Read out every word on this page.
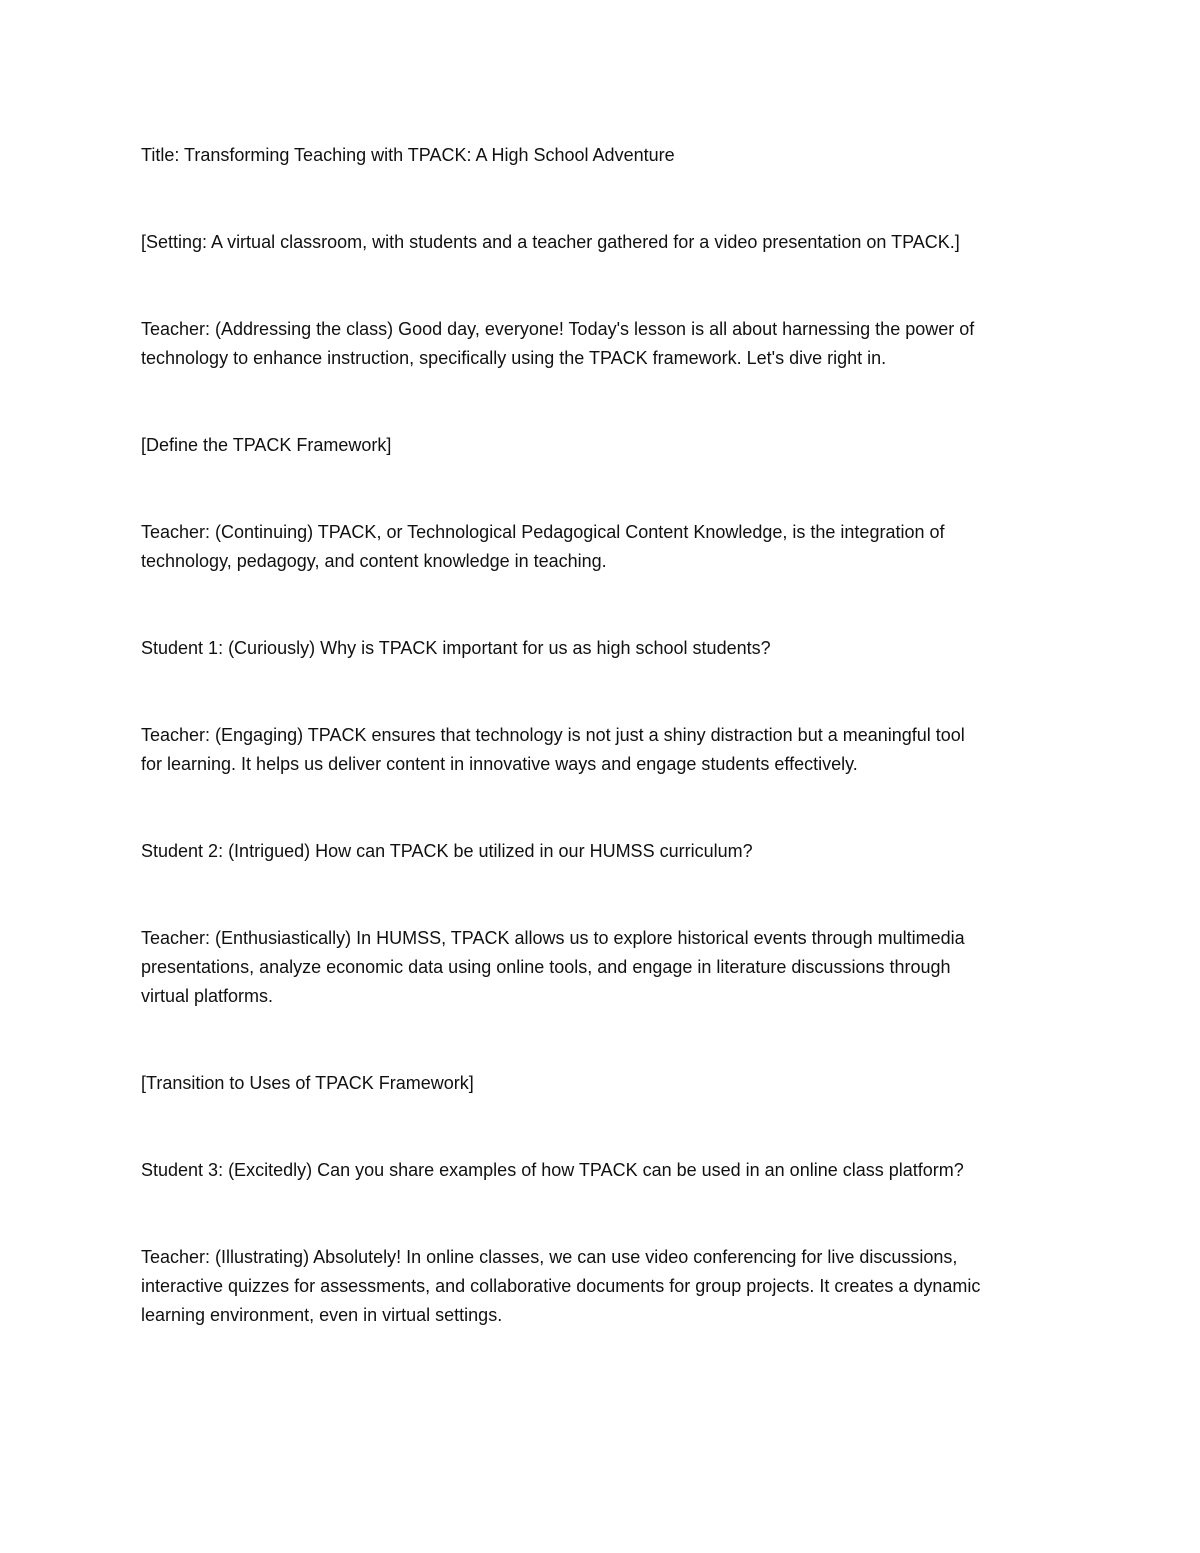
Title: Transforming Teaching with TPACK: A High School Adventure

[Setting: A virtual classroom, with students and a teacher gathered for a video presentation on TPACK.]

Teacher: (Addressing the class) Good day, everyone! Today's lesson is all about harnessing the power of
technology to enhance instruction, specifically using the TPACK framework. Let's dive right in.

[Define the TPACK Framework]

Teacher: (Continuing) TPACK, or Technological Pedagogical Content Knowledge, is the integration of
technology, pedagogy, and content knowledge in teaching.

Student 1: (Curiously) Why is TPACK important for us as high school students?

Teacher: (Engaging) TPACK ensures that technology is not just a shiny distraction but a meaningful tool
for learning. It helps us deliver content in innovative ways and engage students effectively.

Student 2: (Intrigued) How can TPACK be utilized in our HUMSS curriculum?

Teacher: (Enthusiastically) In HUMSS, TPACK allows us to explore historical events through multimedia
presentations, analyze economic data using online tools, and engage in literature discussions through
virtual platforms.

[Transition to Uses of TPACK Framework]

Student 3: (Excitedly) Can you share examples of how TPACK can be used in an online class platform?

Teacher: (Illustrating) Absolutely! In online classes, we can use video conferencing for live discussions,
interactive quizzes for assessments, and collaborative documents for group projects. It creates a dynamic
learning environment, even in virtual settings.
